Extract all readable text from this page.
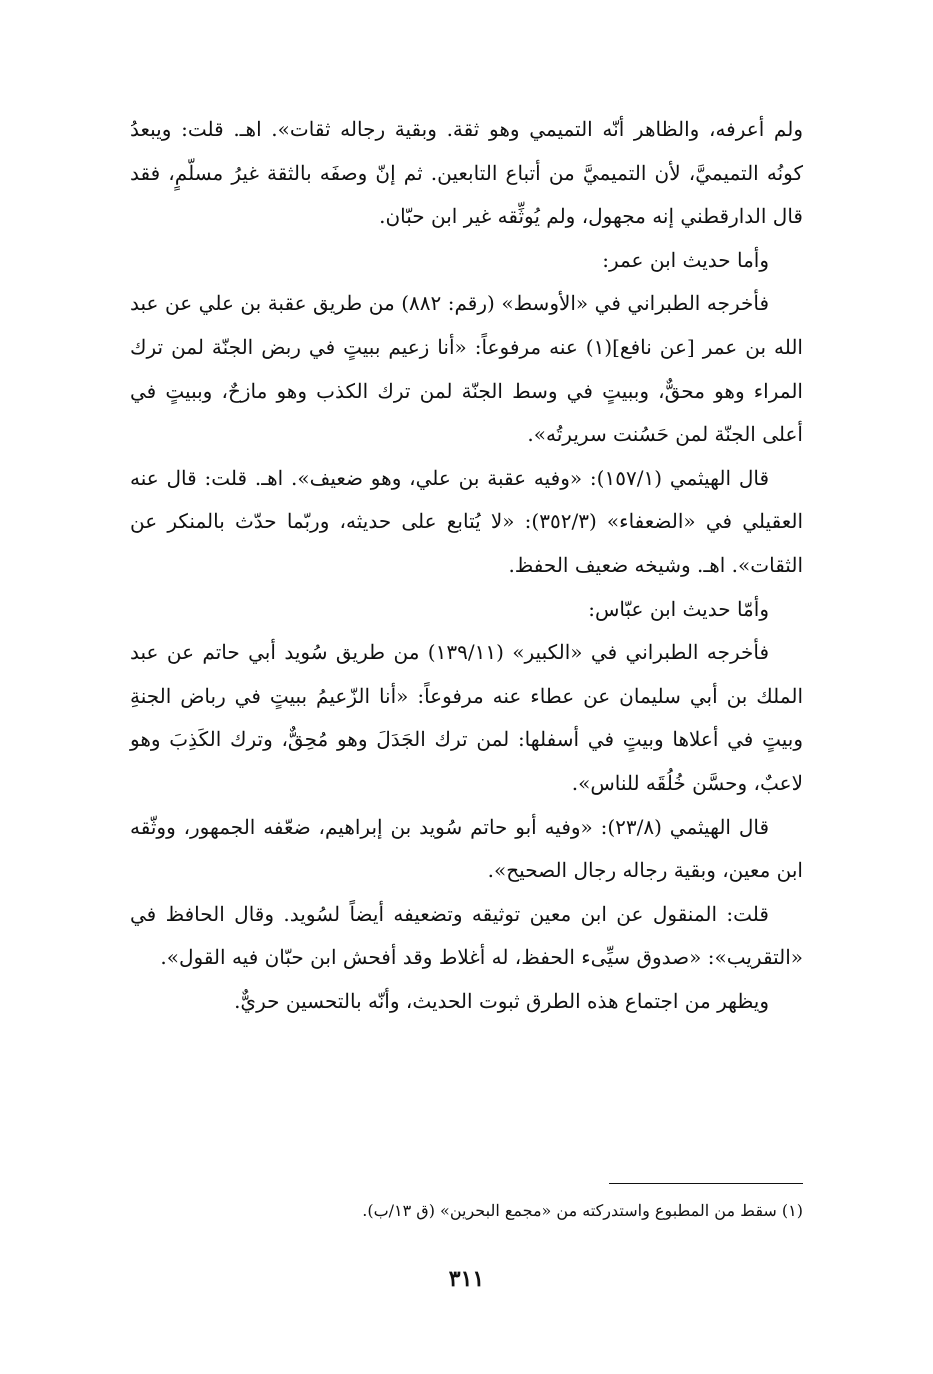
ولم أعرفه، والظاهر أنّه التميمي وهو ثقة. وبقية رجاله ثقات». اهـ. قلت: ويبعدُ كونُه التميميَّ، لأن التميميَّ من أتباع التابعين. ثم إنّ وصفَه بالثقة غيرُ مسلّمٍ، فقد قال الدارقطني إنه مجهول، ولم يُوثِّقه غير ابن حبّان.

وأما حديث ابن عمر:

فأخرجه الطبراني في «الأوسط» (رقم: ٨٨٢) من طريق عقبة بن علي عن عبد الله بن عمر [عن نافع](١) عنه مرفوعاً: «أنا زعيم ببيتٍ في ربض الجنّة لمن ترك المراء وهو محقٌّ، وببيتٍ في وسط الجنّة لمن ترك الكذب وهو مازحٌ، وببيتٍ في أعلى الجنّة لمن حَسُنت سريرتُه».

قال الهيثمي (١٥٧/١): «وفيه عقبة بن علي، وهو ضعيف». اهـ. قلت: قال عنه العقيلي في «الضعفاء» (٣٥٢/٣): «لا يُتابع على حديثه، وربّما حدّث بالمنكر عن الثقات». اهـ. وشيخه ضعيف الحفظ.

وأمّا حديث ابن عبّاس:

فأخرجه الطبراني في «الكبير» (١٣٩/١١) من طريق سُويد أبي حاتم عن عبد الملك بن أبي سليمان عن عطاء عنه مرفوعاً: «أنا الزّعيمُ ببيتٍ في رباض الجنةِ وبيتٍ في أعلاها وبيتٍ في أسفلها: لمن ترك الجَدَلَ وهو مُحِقٌّ، وترك الكَذِبَ وهو لاعبٌ، وحسَّن خُلُقَه للناس».

قال الهيثمي (٢٣/٨): «وفيه أبو حاتم سُويد بن إبراهيم، ضعّفه الجمهور، ووثّقه ابن معين، وبقية رجاله رجال الصحيح».

قلت: المنقول عن ابن معين توثيقه وتضعيفه أيضاً لسُويد. وقال الحافظ في «التقريب»: «صدوق سيِّىء الحفظ، له أغلاط وقد أفحش ابن حبّان فيه القول».

ويظهر من اجتماع هذه الطرق ثبوت الحديث، وأنّه بالتحسين حريٌّ.

(١) سقط من المطبوع واستدركته من «مجمع البحرين» (ق ١٣/ب).
٣١١
